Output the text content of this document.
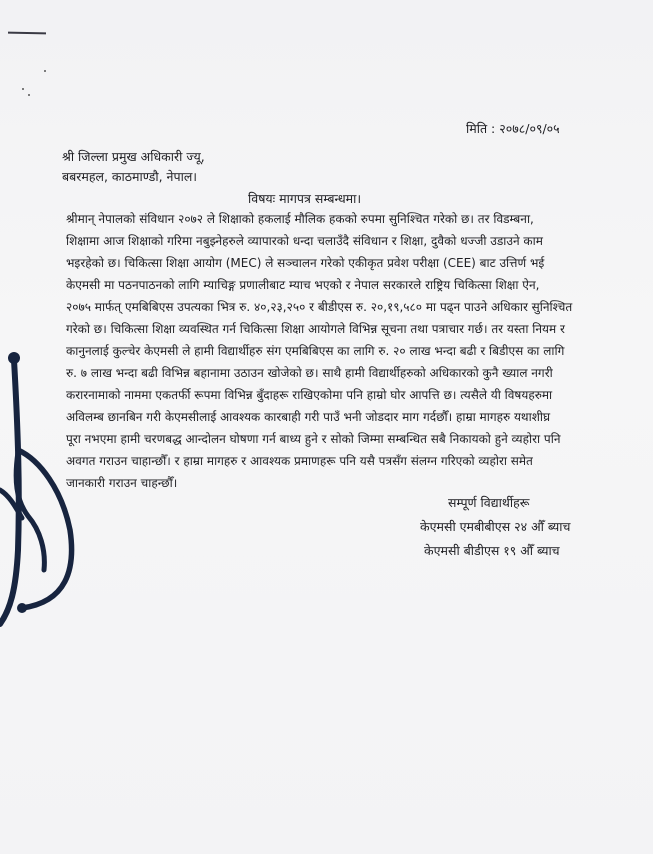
मिति : २०७८/०९/०५
श्री जिल्ला प्रमुख अधिकारी ज्यू,
बबरमहल, काठमाण्डौ, नेपाल।
विषयः मागपत्र सम्बन्धमा।
श्रीमान् नेपालको संविधान २०७२ ले शिक्षाको हकलाई मौलिक हकको रुपमा सुनिश्चित गरेको छ। तर विडम्बना,
शिक्षामा आज शिक्षाको गरिमा नबुझ्नेहरुले व्यापारको धन्दा चलाउँदै संविधान र शिक्षा, दुवैको धज्जी उडाउने काम
भइरहेको छ। चिकित्सा शिक्षा आयोग (MEC) ले सञ्चालन गरेको एकीकृत प्रवेश परीक्षा (CEE) बाट उत्तिर्ण भई
केएमसी मा पठनपाठनको लागि म्याचिङ्ग प्रणालीबाट म्याच भएको र नेपाल सरकारले राष्ट्रिय चिकित्सा शिक्षा ऐन,
२०७५ मार्फत् एमबिबिएस उपत्यका भित्र रु. ४०,२३,२५० र बीडीएस रु. २०,१९,५८० मा पढ्न पाउने अधिकार सुनिश्चित
गरेको छ। चिकित्सा शिक्षा व्यवस्थित गर्न चिकित्सा शिक्षा आयोगले विभिन्न सूचना तथा पत्राचार गर्छ। तर यस्ता नियम र
कानुनलाई कुल्चेर केएमसी ले हामी विद्यार्थीहरु संग एमबिबिएस का लागि रु. २० लाख भन्दा बढी र बिडीएस का लागि
रु. ७ लाख भन्दा बढी विभिन्न बहानामा उठाउन खोजेको छ। साथै हामी विद्यार्थीहरुको अधिकारको कुनै ख्याल नगरी
करारनामाको नाममा एकतर्फी रूपमा विभिन्न बुँदाहरू राखिएकोमा पनि हाम्रो घोर आपत्ति छ। त्यसैले यी विषयहरुमा
अविलम्ब छानबिन गरी केएमसीलाई आवश्यक कारबाही गरी पाउँ भनी जोडदार माग गर्दछौँ। हाम्रा मागहरु यथाशीघ्र
पूरा नभएमा हामी चरणबद्ध आन्दोलन घोषणा गर्न बाध्य हुने र सोको जिम्मा सम्बन्धित सबै निकायको हुने व्यहोरा पनि
अवगत गराउन चाहान्छौँ। र हाम्रा मागहरु र आवश्यक प्रमाणहरू पनि यसै पत्रसँग संलग्न गरिएको व्यहोरा समेत
जानकारी गराउन चाहन्छौँ।
सम्पूर्ण विद्यार्थीहरू
केएमसी एमबीबीएस २४ औँ ब्याच
केएमसी बीडीएस १९ औँ ब्याच
